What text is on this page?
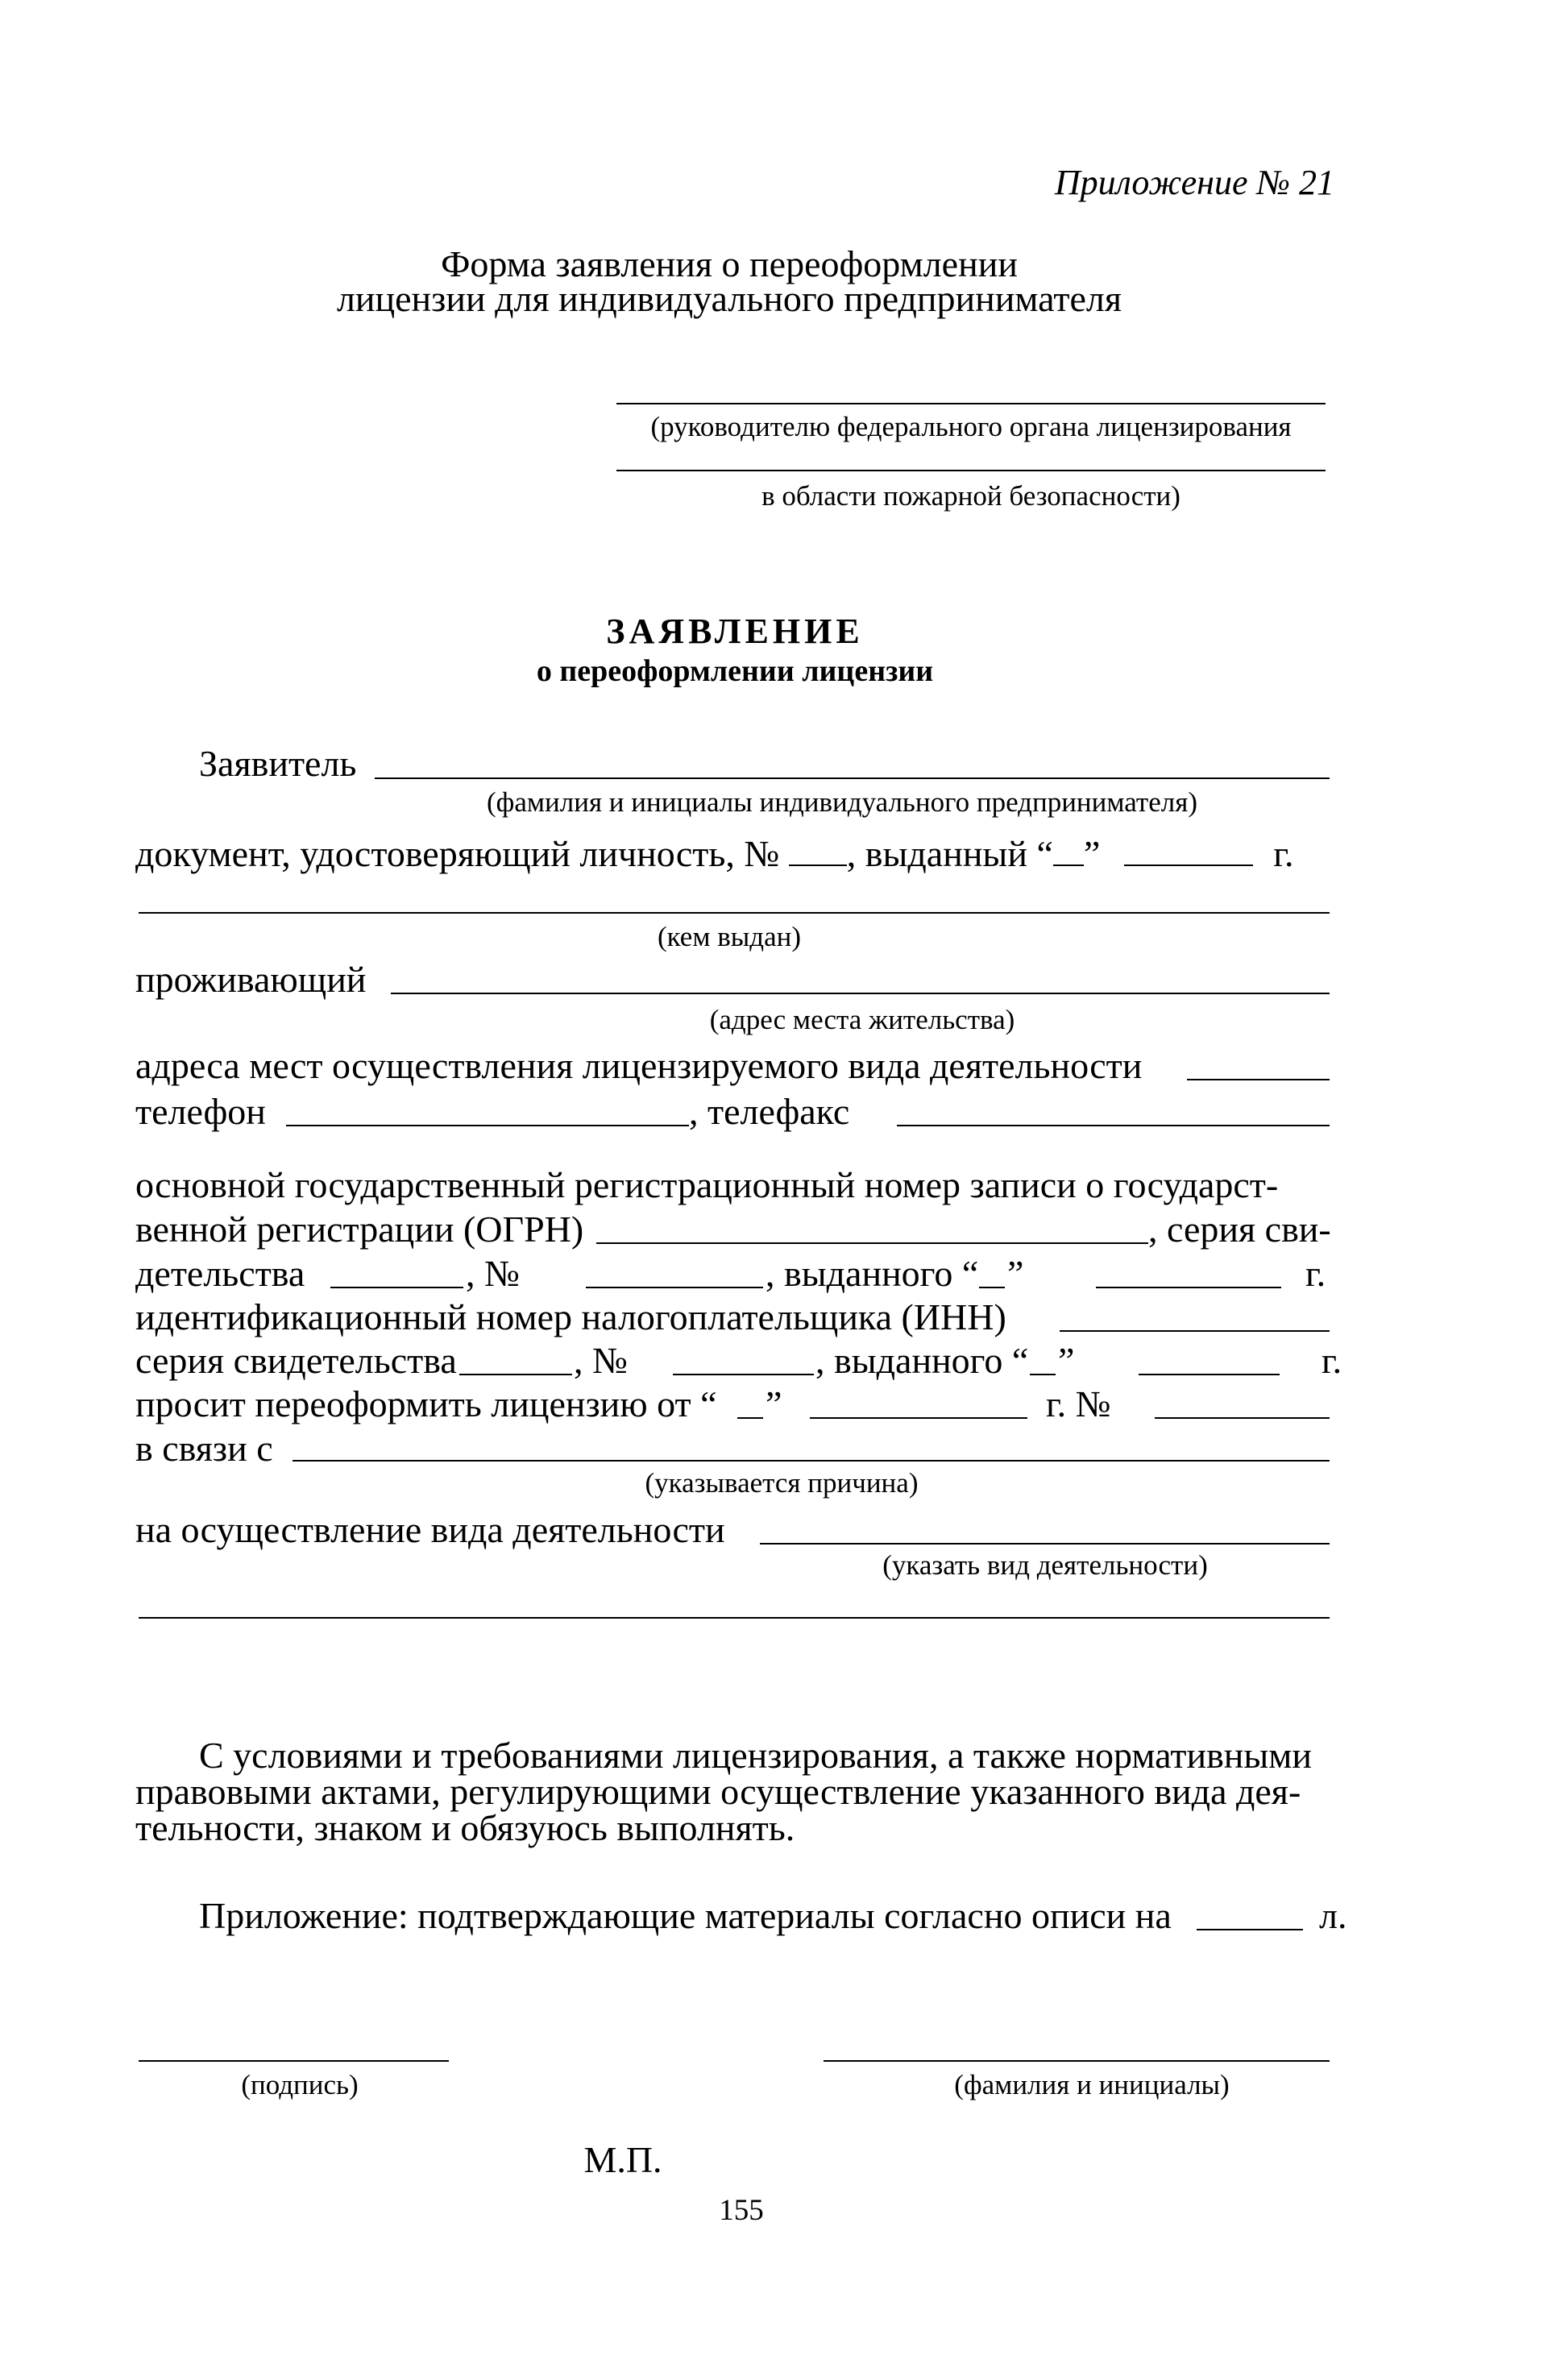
Приложение № 21
Форма заявления о переоформлении
лицензии для индивидуального предпринимателя
(руководителю федерального органа лицензирования
в области пожарной безопасности)
ЗАЯВЛЕНИЕ
о переоформлении лицензии
Заявитель
(фамилия и инициалы индивидуального предпринимателя)
документ, удостоверяющий личность, № , выданный “ ”	г.
(кем выдан)
проживающий
(адрес места жительства)
адреса мест осуществления лицензируемого вида деятельности
телефон	, телефакс
основной государственный регистрационный номер записи о государст-
венной регистрации (ОГРН)	, серия сви-
детельства	, №	, выданного “ ”	г.
идентификационный номер налогоплательщика (ИНН)
серия свидетельства	, №	, выданного “ ”	г.
просит переоформить лицензию от “ ”	г. №
в связи с
(указывается причина)
на осуществление вида деятельности
(указать вид деятельности)
С условиями и требованиями лицензирования, а также нормативными
правовыми актами, регулирующими осуществление указанного вида дея-
тельности, знаком и обязуюсь выполнять.
Приложение: подтверждающие материалы согласно описи на	л.
(подпись)	(фамилия и инициалы)
М.П.
155
